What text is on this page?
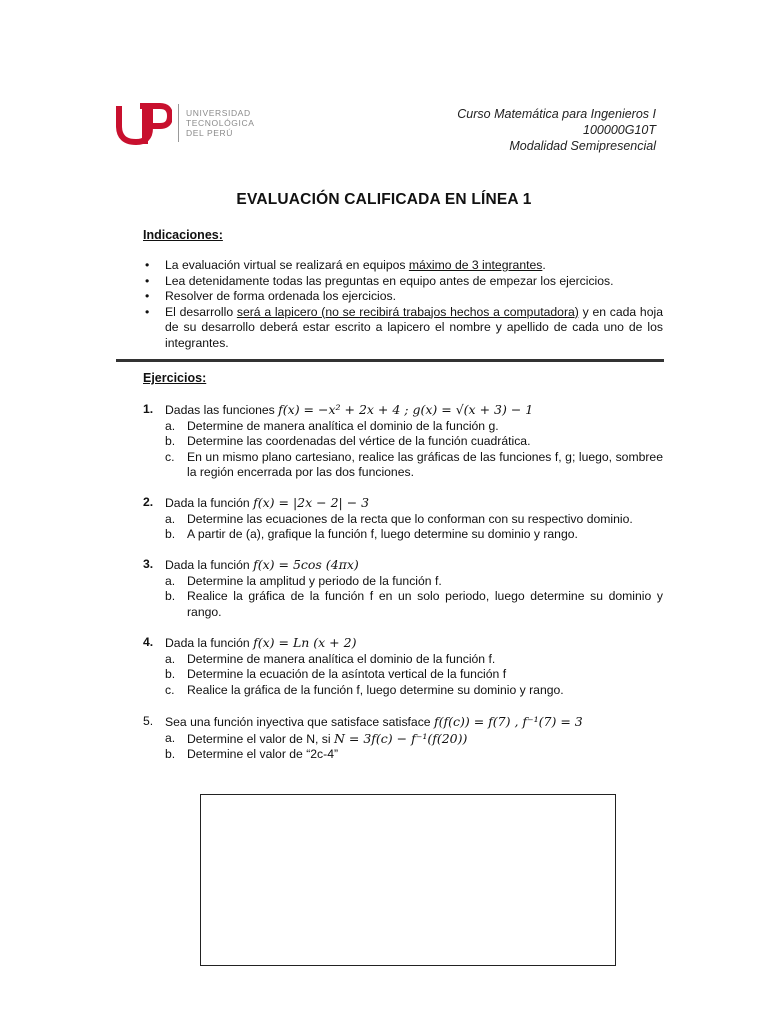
UNIVERSIDAD
TECNOLÓGICA
DEL PERÚ
Curso Matemática para Ingenieros I
100000G10T
Modalidad Semipresencial
EVALUACIÓN CALIFICADA EN LÍNEA 1
Indicaciones:
• La evaluación virtual se realizará en equipos máximo de 3 integrantes.
• Lea detenidamente todas las preguntas en equipo antes de empezar los ejercicios.
• Resolver de forma ordenada los ejercicios.
• El desarrollo será a lapicero (no se recibirá trabajos hechos a computadora) y en cada hoja de su desarrollo deberá estar escrito a lapicero el nombre y apellido de cada uno de los integrantes.
Ejercicios:
1. Dadas las funciones f(x) = −x² + 2x + 4 ; g(x) = √(x + 3) − 1
a. Determine de manera analítica el dominio de la función g.
b. Determine las coordenadas del vértice de la función cuadrática.
c. En un mismo plano cartesiano, realice las gráficas de las funciones f, g; luego, sombree la región encerrada por las dos funciones.
2. Dada la función f(x) = |2x − 2| − 3
a. Determine las ecuaciones de la recta que lo conforman con su respectivo dominio.
b. A partir de (a), grafique la función f, luego determine su dominio y rango.
3. Dada la función f(x) = 5cos (4πx)
a. Determine la amplitud y periodo de la función f.
b. Realice la gráfica de la función f en un solo periodo, luego determine su dominio y rango.
4. Dada la función f(x) = Ln (x + 2)
a. Determine de manera analítica el dominio de la función f.
b. Determine la ecuación de la asíntota vertical de la función f
c. Realice la gráfica de la función f, luego determine su dominio y rango.
5. Sea una función inyectiva que satisface satisface f(f(c)) = f(7) , f⁻¹(7) = 3
a. Determine el valor de N, si N = 3f(c) − f⁻¹(f(20))
b. Determine el valor de “2c-4”
